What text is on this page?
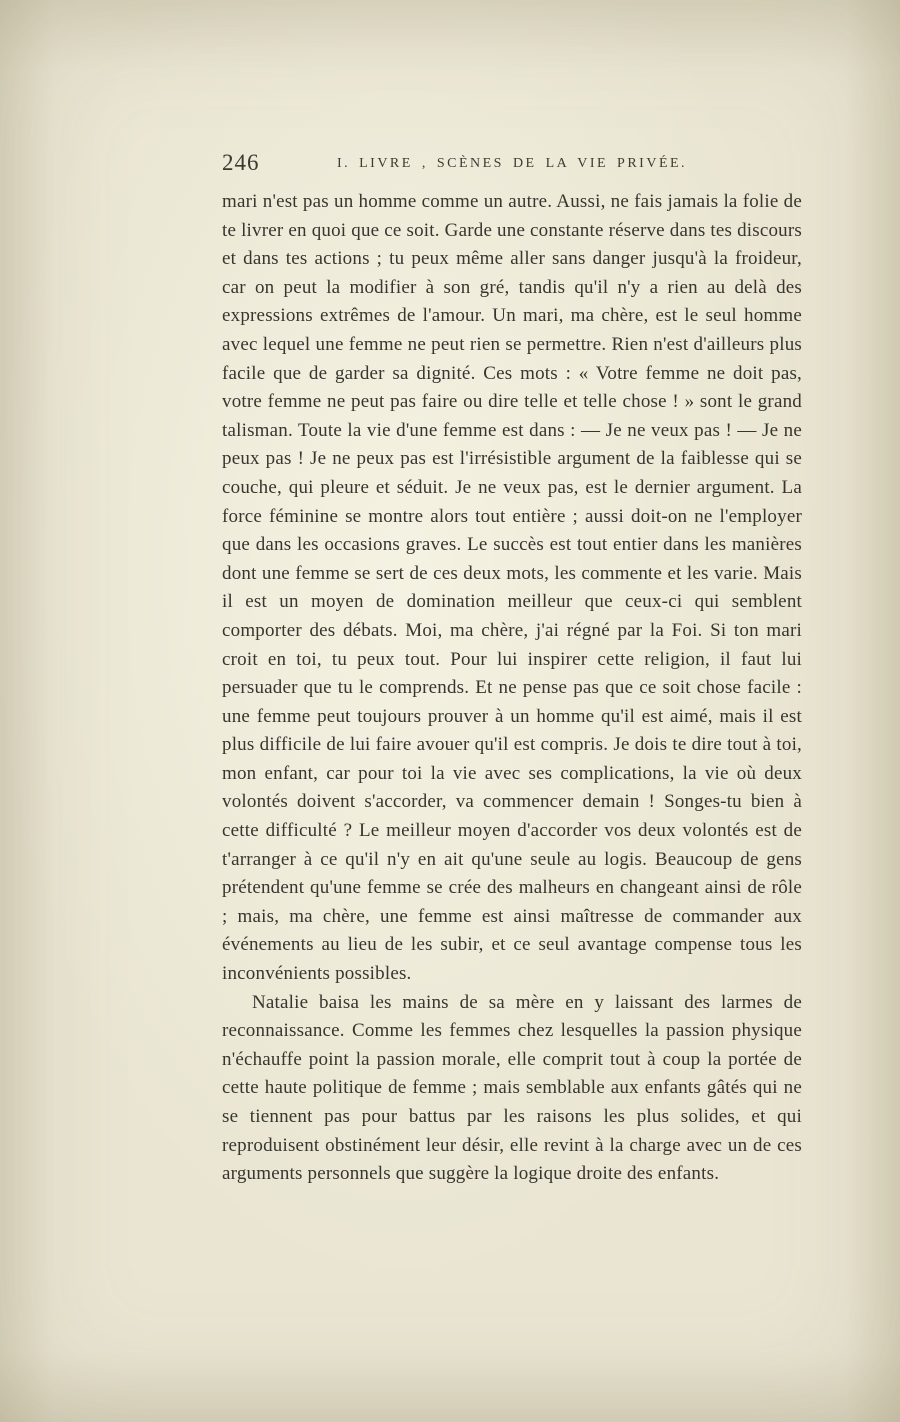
246	I. LIVRE , SCÈNES DE LA VIE PRIVÉE.

mari n'est pas un homme comme un autre. Aussi, ne fais jamais la folie de te livrer en quoi que ce soit. Garde une constante réserve dans tes discours et dans tes actions ; tu peux même aller sans danger jusqu'à la froideur, car on peut la modifier à son gré, tandis qu'il n'y a rien au delà des expressions extrêmes de l'amour. Un mari, ma chère, est le seul homme avec lequel une femme ne peut rien se permettre. Rien n'est d'ailleurs plus facile que de garder sa dignité. Ces mots : « Votre femme ne doit pas, votre femme ne peut pas faire ou dire telle et telle chose ! » sont le grand talisman. Toute la vie d'une femme est dans : — Je ne veux pas ! — Je ne peux pas ! Je ne peux pas est l'irrésistible argument de la faiblesse qui se couche, qui pleure et séduit. Je ne veux pas, est le dernier argument. La force féminine se montre alors tout entière ; aussi doit-on ne l'employer que dans les occasions graves. Le succès est tout entier dans les manières dont une femme se sert de ces deux mots, les commente et les varie. Mais il est un moyen de domination meilleur que ceux-ci qui semblent comporter des débats. Moi, ma chère, j'ai régné par la Foi. Si ton mari croit en toi, tu peux tout. Pour lui inspirer cette religion, il faut lui persuader que tu le comprends. Et ne pense pas que ce soit chose facile : une femme peut toujours prouver à un homme qu'il est aimé, mais il est plus difficile de lui faire avouer qu'il est compris. Je dois te dire tout à toi, mon enfant, car pour toi la vie avec ses complications, la vie où deux volontés doivent s'accorder, va commencer demain ! Songes-tu bien à cette difficulté ? Le meilleur moyen d'accorder vos deux volontés est de t'arranger à ce qu'il n'y en ait qu'une seule au logis. Beaucoup de gens prétendent qu'une femme se crée des malheurs en changeant ainsi de rôle ; mais, ma chère, une femme est ainsi maîtresse de commander aux événements au lieu de les subir, et ce seul avantage compense tous les inconvénients possibles.

Natalie baisa les mains de sa mère en y laissant des larmes de reconnaissance. Comme les femmes chez lesquelles la passion physique n'échauffe point la passion morale, elle comprit tout à coup la portée de cette haute politique de femme ; mais semblable aux enfants gâtés qui ne se tiennent pas pour battus par les raisons les plus solides, et qui reproduisent obstinément leur désir, elle revint à la charge avec un de ces arguments personnels que suggère la logique droite des enfants.
